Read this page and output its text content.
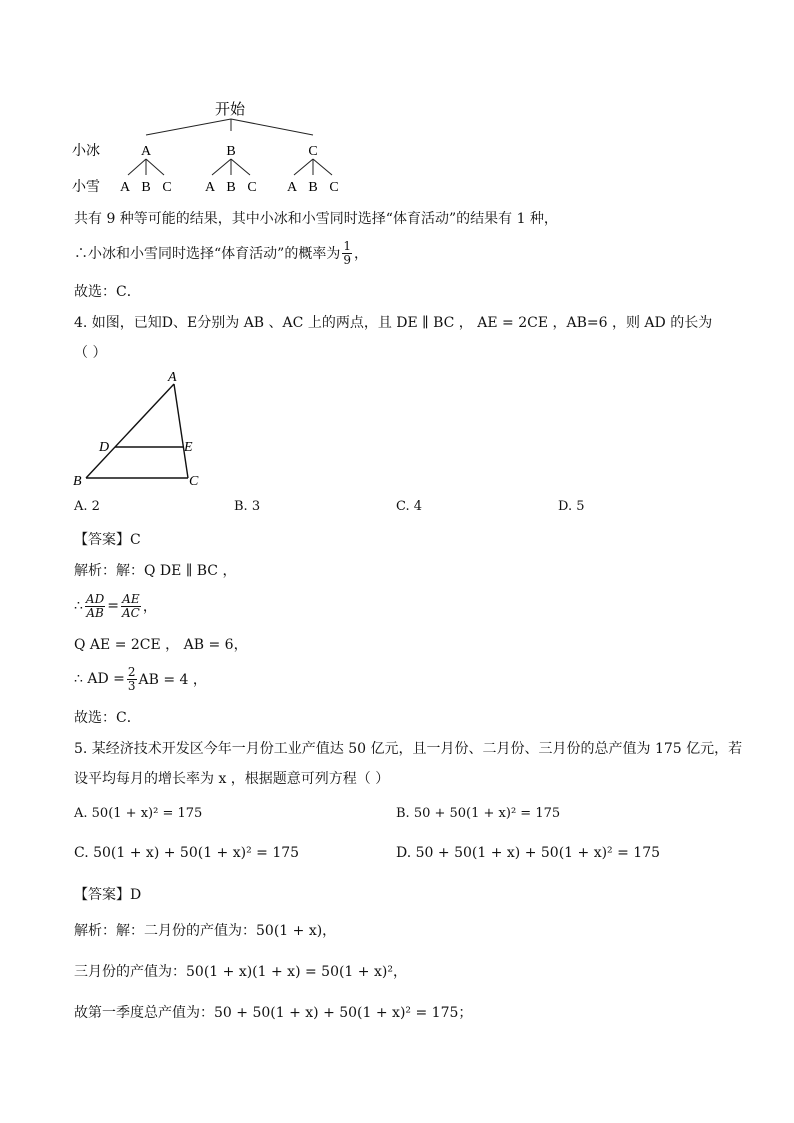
开始
小冰
小雪
A	B	C
A B C A B C A B C
共有 9 种等可能的结果，其中小冰和小雪同时选择“体育活动”的结果有 1 种，
∴小冰和小雪同时选择“体育活动”的概率为 $\frac{1}{9}$ ，
故选：C．
4. 如图，已知D、E分别为 AB 、AC 上的两点，且 DE ∥ BC ， AE = 2CE ，AB=6 ，则 AD 的长为
（ ）
A
D	E
B	C
A. 2	B. 3	C. 4	D. 5
【答案】C
解析：解：Q DE ∥ BC ，
∴ $\frac{AD}{AB} = \frac{AE}{AC}$ ，
Q AE = 2CE ， AB = 6，
∴ AD = $\frac{2}{3}$ AB = 4 ，
故选：C．
5. 某经济技术开发区今年一月份工业产值达 50 亿元，且一月份、二月份、三月份的总产值为 175 亿元，若
设平均每月的增长率为 x ，根据题意可列方程（ ）
A. 50(1 + x)² = 175	B. 50 + 50(1 + x)² = 175
C. 50(1 + x) + 50(1 + x)² = 175	D. 50 + 50(1 + x) + 50(1 + x)² = 175
【答案】D
解析：解：二月份的产值为：50(1 + x)，
三月份的产值为：50(1 + x)(1 + x) = 50(1 + x)²，
故第一季度总产值为：50 + 50(1 + x) + 50(1 + x)² = 175；
